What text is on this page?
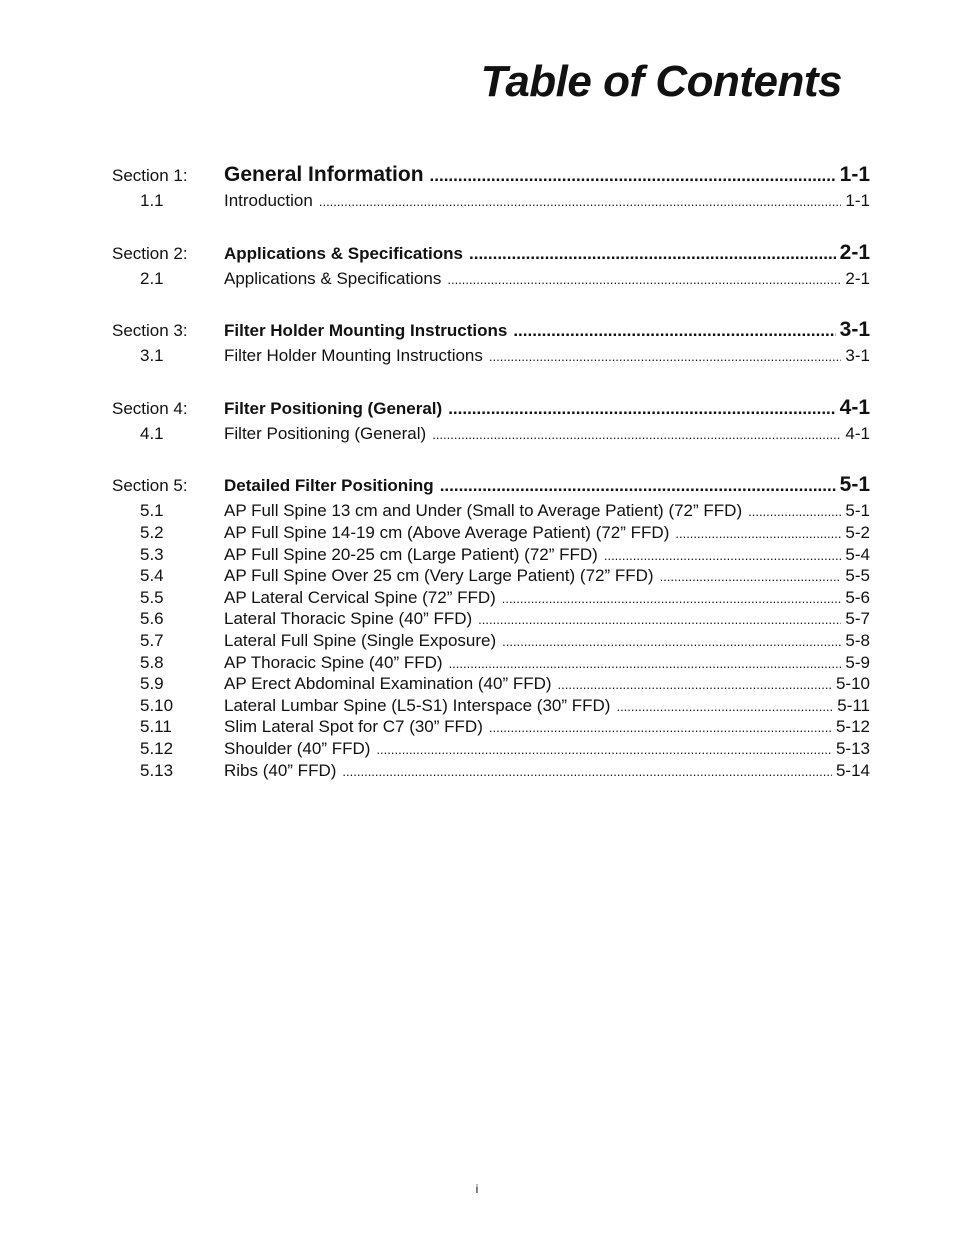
Table of Contents
Section 1:	General Information .....	1-1
1.1	Introduction .....	1-1
Section 2:	Applications & Specifications .....	2-1
2.1	Applications & Specifications .....	2-1
Section 3:	Filter Holder Mounting Instructions .....	3-1
3.1	Filter Holder Mounting Instructions .....	3-1
Section 4:	Filter Positioning (General) .....	4-1
4.1	Filter Positioning (General) .....	4-1
Section 5:	Detailed Filter Positioning .....	5-1
5.1	AP Full Spine 13 cm and Under (Small to Average Patient) (72” FFD) .....	5-1
5.2	AP Full Spine 14-19 cm (Above Average Patient) (72” FFD) .....	5-2
5.3	AP Full Spine 20-25 cm (Large Patient) (72” FFD) .....	5-4
5.4	AP Full Spine Over 25 cm (Very Large Patient) (72” FFD) .....	5-5
5.5	AP Lateral Cervical Spine (72” FFD) .....	5-6
5.6	Lateral Thoracic Spine (40” FFD) .....	5-7
5.7	Lateral Full Spine (Single Exposure) .....	5-8
5.8	AP Thoracic Spine (40” FFD) .....	5-9
5.9	AP Erect Abdominal Examination (40” FFD) .....	5-10
5.10	Lateral Lumbar Spine (L5-S1) Interspace (30” FFD) .....	5-11
5.11	Slim Lateral Spot for C7 (30” FFD) .....	5-12
5.12	Shoulder (40” FFD) .....	5-13
5.13	Ribs (40” FFD) .....	5-14
i
